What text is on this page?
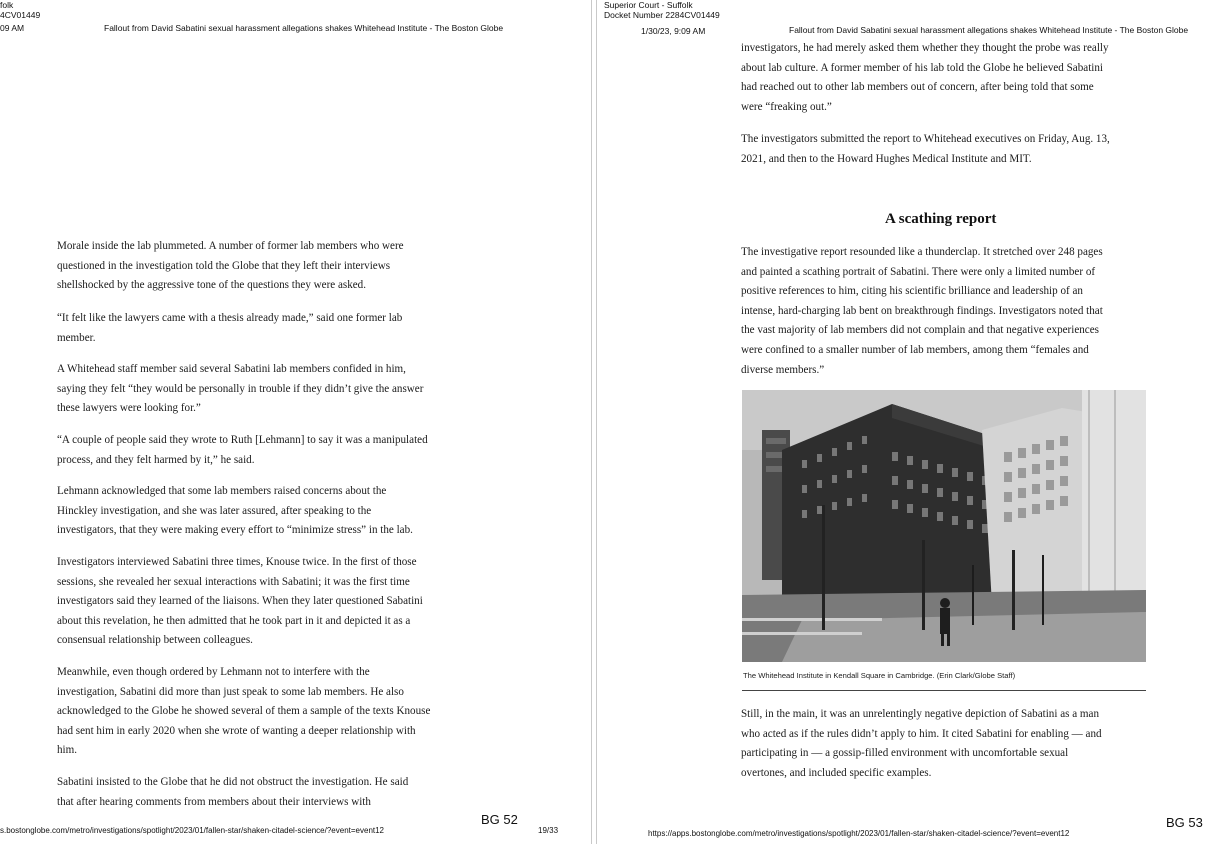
folk
4CV01449
09 AM	Fallout from David Sabatini sexual harassment allegations shakes Whitehead Institute - The Boston Globe
Morale inside the lab plummeted. A number of former lab members who were
questioned in the investigation told the Globe that they left their interviews
shellshocked by the aggressive tone of the questions they were asked.
“It felt like the lawyers came with a thesis already made,” said one former lab
member.
A Whitehead staff member said several Sabatini lab members confided in him,
saying they felt “they would be personally in trouble if they didn’t give the answer
these lawyers were looking for.”
“A couple of people said they wrote to Ruth [Lehmann] to say it was a manipulated
process, and they felt harmed by it,” he said.
Lehmann acknowledged that some lab members raised concerns about the
Hinckley investigation, and she was later assured, after speaking to the
investigators, that they were making every effort to “minimize stress” in the lab.
Investigators interviewed Sabatini three times, Knouse twice. In the first of those
sessions, she revealed her sexual interactions with Sabatini; it was the first time
investigators said they learned of the liaisons. When they later questioned Sabatini
about this revelation, he then admitted that he took part in it and depicted it as a
consensual relationship between colleagues.
Meanwhile, even though ordered by Lehmann not to interfere with the
investigation, Sabatini did more than just speak to some lab members. He also
acknowledged to the Globe he showed several of them a sample of the texts Knouse
had sent him in early 2020 when she wrote of wanting a deeper relationship with
him.
Sabatini insisted to the Globe that he did not obstruct the investigation. He said
that after hearing comments from members about their interviews with
BG 52
s.bostonglobe.com/metro/investigations/spotlight/2023/01/fallen-star/shaken-citadel-science/?event=event12	19/33
Superior Court - Suffolk
Docket Number 2284CV01449
1/30/23, 9:09 AM	Fallout from David Sabatini sexual harassment allegations shakes Whitehead Institute - The Boston Globe
investigators, he had merely asked them whether they thought the probe was really
about lab culture. A former member of his lab told the Globe he believed Sabatini
had reached out to other lab members out of concern, after being told that some
were “freaking out.”
The investigators submitted the report to Whitehead executives on Friday, Aug. 13,
2021, and then to the Howard Hughes Medical Institute and MIT.
A scathing report
The investigative report resounded like a thunderclap. It stretched over 248 pages
and painted a scathing portrait of Sabatini. There were only a limited number of
positive references to him, citing his scientific brilliance and leadership of an
intense, hard-charging lab bent on breakthrough findings. Investigators noted that
the vast majority of lab members did not complain and that negative experiences
were confined to a smaller number of lab members, among them “females and
diverse members.”
The Whitehead Institute in Kendall Square in Cambridge. (Erin Clark/Globe Staff)
Still, in the main, it was an unrelentingly negative depiction of Sabatini as a man
who acted as if the rules didn’t apply to him. It cited Sabatini for enabling — and
participating in — a gossip-filled environment with uncomfortable sexual
overtones, and included specific examples.
https://apps.bostonglobe.com/metro/investigations/spotlight/2023/01/fallen-star/shaken-citadel-science/?event=event12
BG 53
